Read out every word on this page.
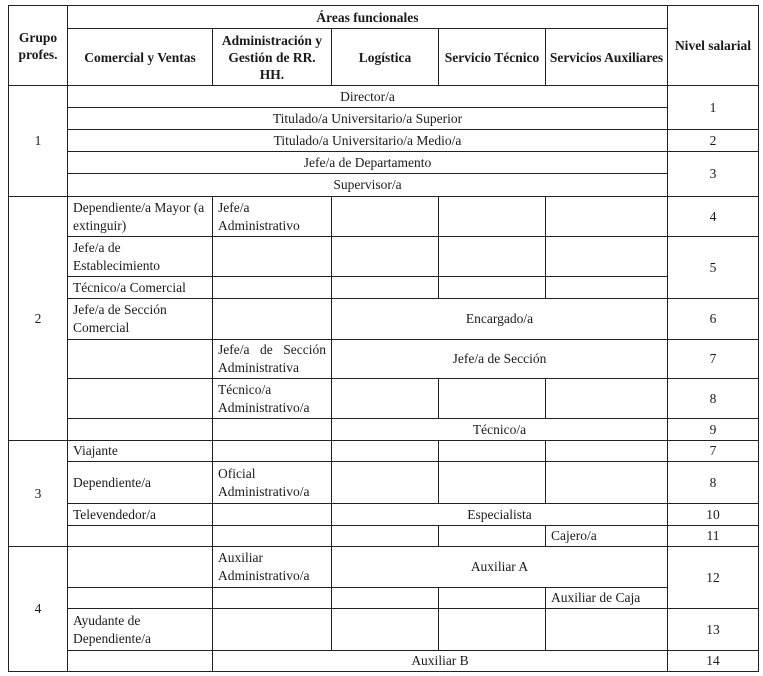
Grupo profes.	Áreas funcionales					Nivel salarial
	Comercial y Ventas	Administración y Gestión de RR. HH.	Logística	Servicio Técnico	Servicios Auxiliares	
1	Director/a					1
	Titulado/a Universitario/a Superior					
	Titulado/a Universitario/a Medio/a					2
	Jefe/a de Departamento					3
	Supervisor/a					
2	Dependiente/a Mayor (a extinguir)	Jefe/a Administrativo				4
	Jefe/a de Establecimiento					5
	Técnico/a Comercial					
	Jefe/a de Sección Comercial		Encargado/a			6
		Jefe/a de Sección Administrativa	Jefe/a de Sección			7
		Técnico/a Administrativo/a				8
			Técnico/a			9
3	Viajante					7
	Dependiente/a	Oficial Administrativo/a				8
	Televendedor/a		Especialista			10
					Cajero/a	11
4		Auxiliar Administrativo/a	Auxiliar A			12
					Auxiliar de Caja	
	Ayudante de Dependiente/a					13
		Auxiliar B				14
